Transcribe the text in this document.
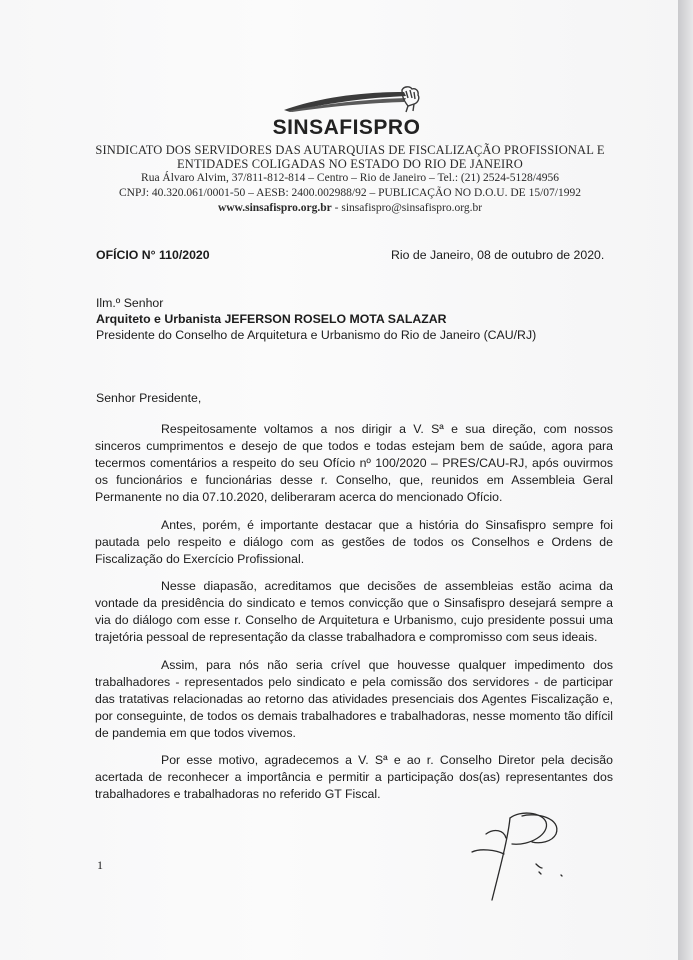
SINSAFISPRO
SINDICATO DOS SERVIDORES DAS AUTARQUIAS DE FISCALIZAÇÃO PROFISSIONAL E
ENTIDADES COLIGADAS NO ESTADO DO RIO DE JANEIRO
Rua Álvaro Alvim, 37/811-812-814 – Centro – Rio de Janeiro – Tel.: (21) 2524-5128/4956
CNPJ: 40.320.061/0001-50 – AESB: 2400.002988/92 – PUBLICAÇÃO NO D.O.U. DE 15/07/1992
www.sinsafispro.org.br - sinsafispro@sinsafispro.org.br
OFÍCIO N° 110/2020	Rio de Janeiro, 08 de outubro de 2020.
Ilm.º Senhor
Arquiteto e Urbanista JEFERSON ROSELO MOTA SALAZAR
Presidente do Conselho de Arquitetura e Urbanismo do Rio de Janeiro (CAU/RJ)
Senhor Presidente,
Respeitosamente voltamos a nos dirigir a V. Sª e sua direção, com nossos
sinceros cumprimentos e desejo de que todos e todas estejam bem de saúde, agora para
tecermos comentários a respeito do seu Ofício nº 100/2020 – PRES/CAU-RJ, após ouvirmos
os funcionários e funcionárias desse r. Conselho, que, reunidos em Assembleia Geral
Permanente no dia 07.10.2020, deliberaram acerca do mencionado Ofício.
Antes, porém, é importante destacar que a história do Sinsafispro sempre foi
pautada pelo respeito e diálogo com as gestões de todos os Conselhos e Ordens de
Fiscalização do Exercício Profissional.
Nesse diapasão, acreditamos que decisões de assembleias estão acima da
vontade da presidência do sindicato e temos convicção que o Sinsafispro desejará sempre a
via do diálogo com esse r. Conselho de Arquitetura e Urbanismo, cujo presidente possui uma
trajetória pessoal de representação da classe trabalhadora e compromisso com seus ideais.
Assim, para nós não seria crível que houvesse qualquer impedimento dos
trabalhadores - representados pelo sindicato e pela comissão dos servidores - de participar
das tratativas relacionadas ao retorno das atividades presenciais dos Agentes Fiscalização e,
por conseguinte, de todos os demais trabalhadores e trabalhadoras, nesse momento tão difícil
de pandemia em que todos vivemos.
Por esse motivo, agradecemos a V. Sª e ao r. Conselho Diretor pela decisão
acertada de reconhecer a importância e permitir a participação dos(as) representantes dos
trabalhadores e trabalhadoras no referido GT Fiscal.
1
